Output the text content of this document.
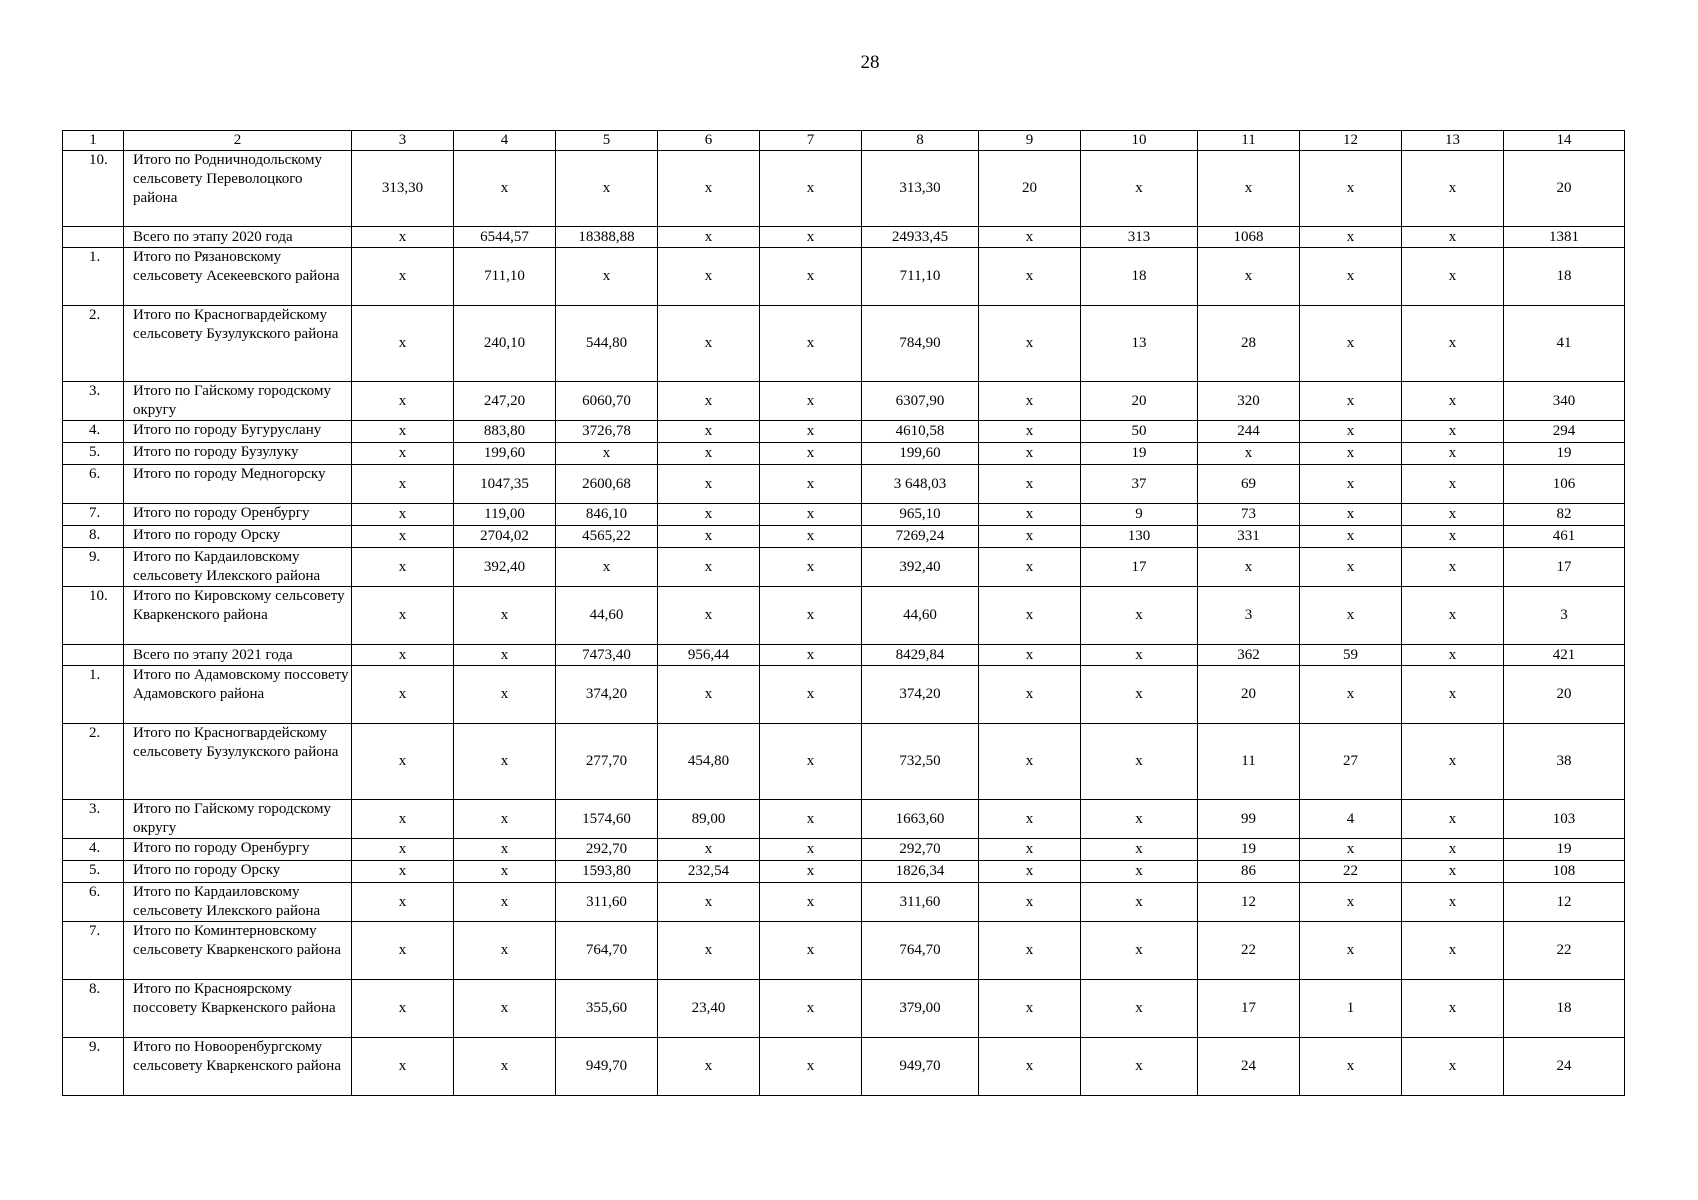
28
1	2	3	4	5	6	7	8	9	10	11	12	13	14
10.	Итого по Родничнодольскому сельсовету Переволоцкого района	313,30	х	х	х	х	313,30	20	х	х	х	х	20
	Всего по этапу 2020 года	х	6544,57	18388,88	х	х	24933,45	х	313	1068	х	х	1381
1.	Итого по Рязановскому сельсовету Асекеевского района	х	711,10	х	х	х	711,10	х	18	х	х	х	18
2.	Итого по Красногвардейскому сельсовету Бузулукского района	х	240,10	544,80	х	х	784,90	х	13	28	х	х	41
3.	Итого по Гайскому городскому округу	х	247,20	6060,70	х	х	6307,90	х	20	320	х	х	340
4.	Итого по городу Бугуруслану	х	883,80	3726,78	х	х	4610,58	х	50	244	х	х	294
5.	Итого по городу Бузулуку	х	199,60	х	х	х	199,60	х	19	х	х	х	19
6.	Итого по городу Медногорску	х	1047,35	2600,68	х	х	3 648,03	х	37	69	х	х	106
7.	Итого по городу Оренбургу	х	119,00	846,10	х	х	965,10	х	9	73	х	х	82
8.	Итого по городу Орску	х	2704,02	4565,22	х	х	7269,24	х	130	331	х	х	461
9.	Итого по Кардаиловскому сельсовету Илекского района	х	392,40	х	х	х	392,40	х	17	х	х	х	17
10.	Итого по Кировскому сельсовету Кваркенского района	х	х	44,60	х	х	44,60	х	х	3	х	х	3
	Всего по этапу 2021 года	х	х	7473,40	956,44	х	8429,84	х	х	362	59	х	421
1.	Итого по Адамовскому поссовету Адамовского района	х	х	374,20	х	х	374,20	х	х	20	х	х	20
2.	Итого по Красногвардейскому сельсовету Бузулукского района	х	х	277,70	454,80	х	732,50	х	х	11	27	х	38
3.	Итого по Гайскому городскому округу	х	х	1574,60	89,00	х	1663,60	х	х	99	4	х	103
4.	Итого по городу Оренбургу	х	х	292,70	х	х	292,70	х	х	19	х	х	19
5.	Итого по городу Орску	х	х	1593,80	232,54	х	1826,34	х	х	86	22	х	108
6.	Итого по Кардаиловскому сельсовету Илекского района	х	х	311,60	х	х	311,60	х	х	12	х	х	12
7.	Итого по Коминтерновскому сельсовету Кваркенского района	х	х	764,70	х	х	764,70	х	х	22	х	х	22
8.	Итого по Красноярскому поссовету Кваркенского района	х	х	355,60	23,40	х	379,00	х	х	17	1	х	18
9.	Итого по Новооренбургскому сельсовету Кваркенского района	х	х	949,70	х	х	949,70	х	х	24	х	х	24
